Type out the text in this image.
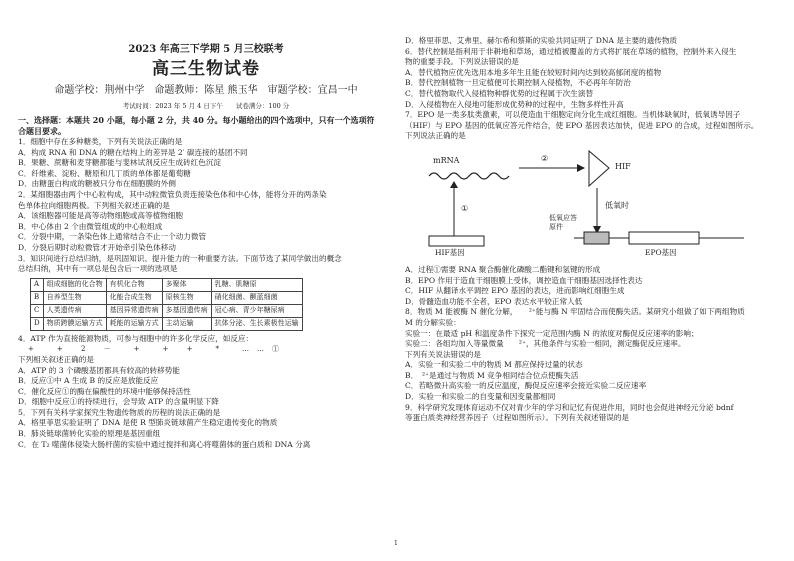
2023 年高三下学期 5 月三校联考
高三生物试卷
命题学校：荆州中学　命题教师：陈星 熊玉华　审题学校：宜昌一中
考试时间：2023 年 5 月 4 日下午　　试卷满分：100 分
一、选择题：本题共 20 小题，每小题 2 分，共 40 分。每小题给出的四个选项中，只有一个选项符
合题目要求。
1．细胞中存在多种糖类，下列有关说法正确的是
A．构成 RNA 和 DNA 的糖在结构上的差异是 2′ 碳连接的基团不同
B．果糖、蔗糖和麦芽糖都能与斐林试剂反应生成砖红色沉淀
C．纤维素、淀粉、糖原和几丁质的单体都是葡萄糖
D．由糖蛋白构成的糖被只分布在细胞膜的外侧
2．某细胞器由两个中心粒构成，其中动粒微管负责连接染色体和中心体，能将分开的两条染
色单体拉向细胞两极。下列相关叙述正确的是
A．该细胞器可能是高等动物细胞或高等植物细胞
B．中心体由 2 个由微管组成的中心粒组成
C．分裂中期，一条染色体上通常结合不止一个动力微管
D．分裂后期时动粒微管才开始牵引染色体移动
3．知识间进行总结归纳，是巩固知识、提升能力的一种重要方法。下面节选了某同学做出的概念
总结归纳，其中有一项总是包含后一项的选项是
A	组成细胞的化合物	有机化合物	多聚体	乳糖、肌糖原
B	自养型生物	化能合成生物	原核生物	硝化细菌、颤蓝细菌
C	人类遗传病	基因异常遗传病	多基因遗传病	冠心病、青少年糖尿病
D	物质跨膜运输方式	耗能的运输方式	主动运输	抗体分泌、生长素极性运输
4．ATP 作为直接能源物质，可参与细胞中的许多化学反应，如反应：
+　+ 2 －　+　+ +　*　……①
下列相关叙述正确的是
A．ATP 的 3 个磷酸基团都具有较高的转移势能
B．反应①中 A 生成 B 的反应是放能反应
C．催化反应①的酶在偏酸性的环境中能够保持活性
D．细胞中反应①的持续进行，会导致 ATP 的含量明显下降
5．下列有关科学家探究生物遗传物质的历程的说法正确的是
A．格里菲思实验证明了 DNA 是使 R 型肺炎链球菌产生稳定遗传变化的物质
B．肺炎链球菌转化实验的原理是基因重组
C．在 T₂ 噬菌体侵染大肠杆菌的实验中通过搅拌和离心将噬菌体的蛋白质和 DNA 分离
D．格里菲思、艾弗里、赫尔希和蔡斯的实验共同证明了 DNA 是主要的遗传物质
6．替代控制是指利用于非耕地和草场，通过植被覆盖的方式将扩展在草场的植物，控制外来入侵生
物的重要手段。下列说法错误的是
A．替代植物应优先选用本地多年生且能在较短时间内达到较高郁闭度的植物
B．替代控制植物一旦定植便可长期控制入侵植物，不必再年年防治
C．替代植物取代入侵植物种群优势的过程属于次生演替
D．入侵植物在入侵地可能形成优势种的过程中，生物多样性升高
7．EPO 是一类多肽类激素，可以使造血干细胞定向分化生成红细胞。当机体缺氧时，低氧诱导因子
（HIF）与 EPO 基因的低氧应答元件结合，使 EPO 基因表达加快，促进 EPO 的合成，过程如图所示。
下列说法正确的是
mRNA
①
②
HIF
低氧时
低氧应答原件
HIF基因	EPO基因
A．过程①需要 RNA 聚合酶催化磷酸二酯键和氢键的形成
B．EPO 作用于造血干细胞膜上受体，调控造血干细胞基因选择性表达
C．HIF 从翻译水平调控 EPO 基因的表达，进而影响红细胞生成
D．骨髓造血功能不全者，EPO 表达水平较正常人低
8．物质 M 能被酶 N 催化分解，　　²⁺能与酶 N 牢固结合而使酶失活。某研究小组做了如下两组物质
M 的分解实验：
实验一：在最适 pH 和温度条件下探究一定范围内酶 N 的浓度对酶促反应速率的影响；
实验二：各组均加入等量微量　　²⁺，其他条件与实验一相同，测定酶促反应速率。
下列有关说法错误的是
A．实验一和实验二中的物质 M 都应保持过量的状态
B．　²⁺是通过与物质 M 竞争相同结合位点使酶失活
C．若略微升高实验一的反应温度，酶促反应速率会接近实验二反应速率
D．实验一和实验二的自变量和因变量都相同
9．科学研究发现体育运动不仅对青少年的学习和记忆有促进作用，同时也会促进神经元分泌 bdnf
等蛋白质类神经营养因子（过程如图所示）。下列有关叙述错误的是
1
